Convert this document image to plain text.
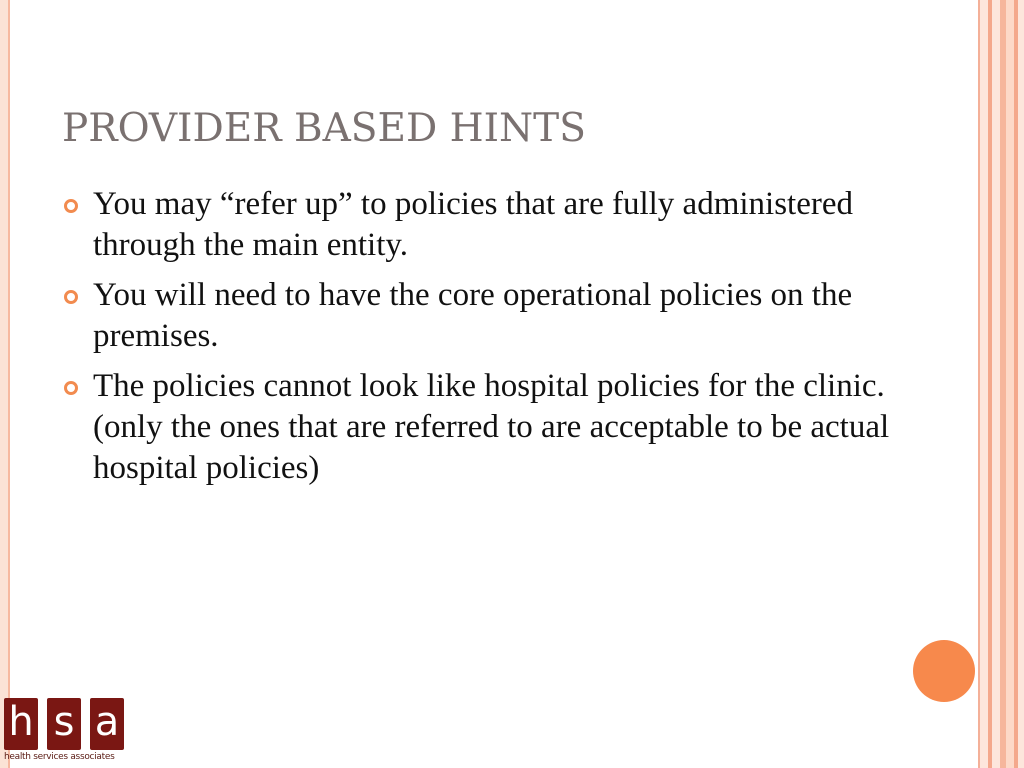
PROVIDER BASED HINTS
You may “refer up” to policies that are fully administered through the main entity.
You will need to have the core operational policies on the premises.
The policies cannot look like hospital policies for the clinic. (only the ones that are referred to are acceptable to be actual hospital policies)
h s a
health services associates
